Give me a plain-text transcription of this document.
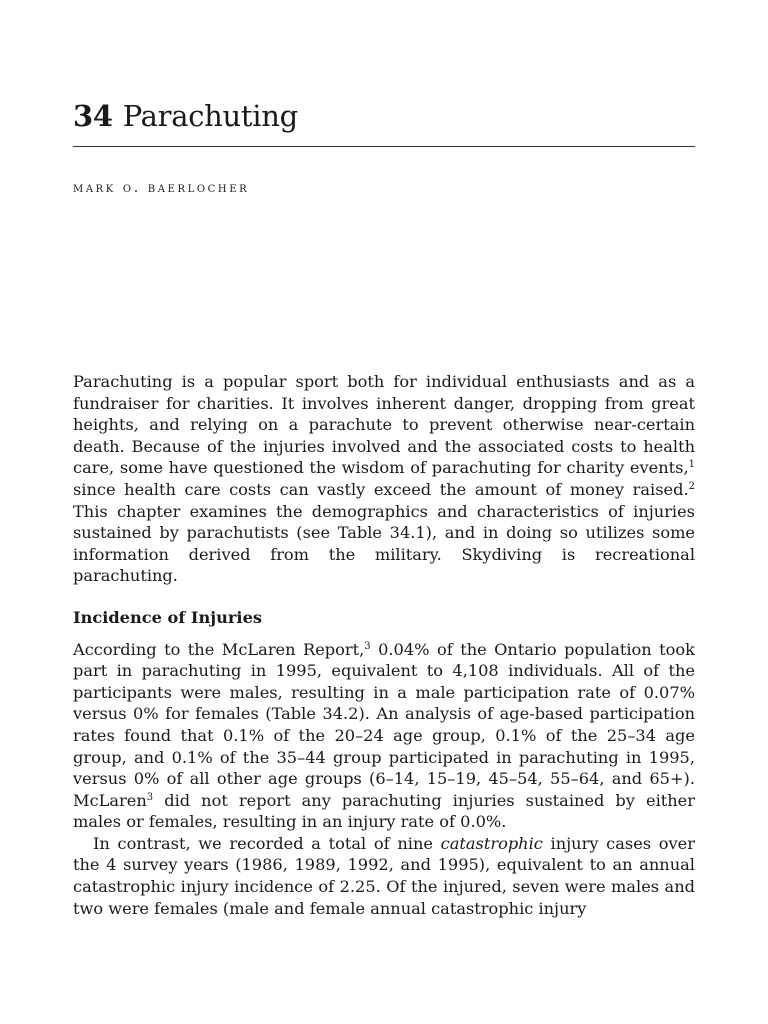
34 Parachuting

mark o. baerlocher

Parachuting is a popular sport both for individual enthusiasts and as a fundraiser for charities. It involves inherent danger, dropping from great heights, and relying on a parachute to prevent otherwise near-certain death. Because of the injuries involved and the associated costs to health care, some have questioned the wisdom of parachuting for charity events,$^1$ since health care costs can vastly exceed the amount of money raised.$^2$ This chapter examines the demographics and characteristics of injuries sustained by parachutists (see Table 34.1), and in doing so utilizes some information derived from the military. Skydiving is recreational parachuting.

Incidence of Injuries

According to the McLaren Report,$^3$ 0.04% of the Ontario population took part in parachuting in 1995, equivalent to 4,108 individuals. All of the participants were males, resulting in a male participation rate of 0.07% versus 0% for females (Table 34.2). An analysis of age-based participation rates found that 0.1% of the 20–24 age group, 0.1% of the 25–34 age group, and 0.1% of the 35–44 group participated in parachuting in 1995, versus 0% of all other age groups (6–14, 15–19, 45–54, 55–64, and 65+). McLaren$^3$ did not report any parachuting injuries sustained by either males or females, resulting in an injury rate of 0.0%.

In contrast, we recorded a total of nine catastrophic injury cases over the 4 survey years (1986, 1989, 1992, and 1995), equivalent to an annual catastrophic injury incidence of 2.25. Of the injured, seven were males and two were females (male and female annual catastrophic injury
